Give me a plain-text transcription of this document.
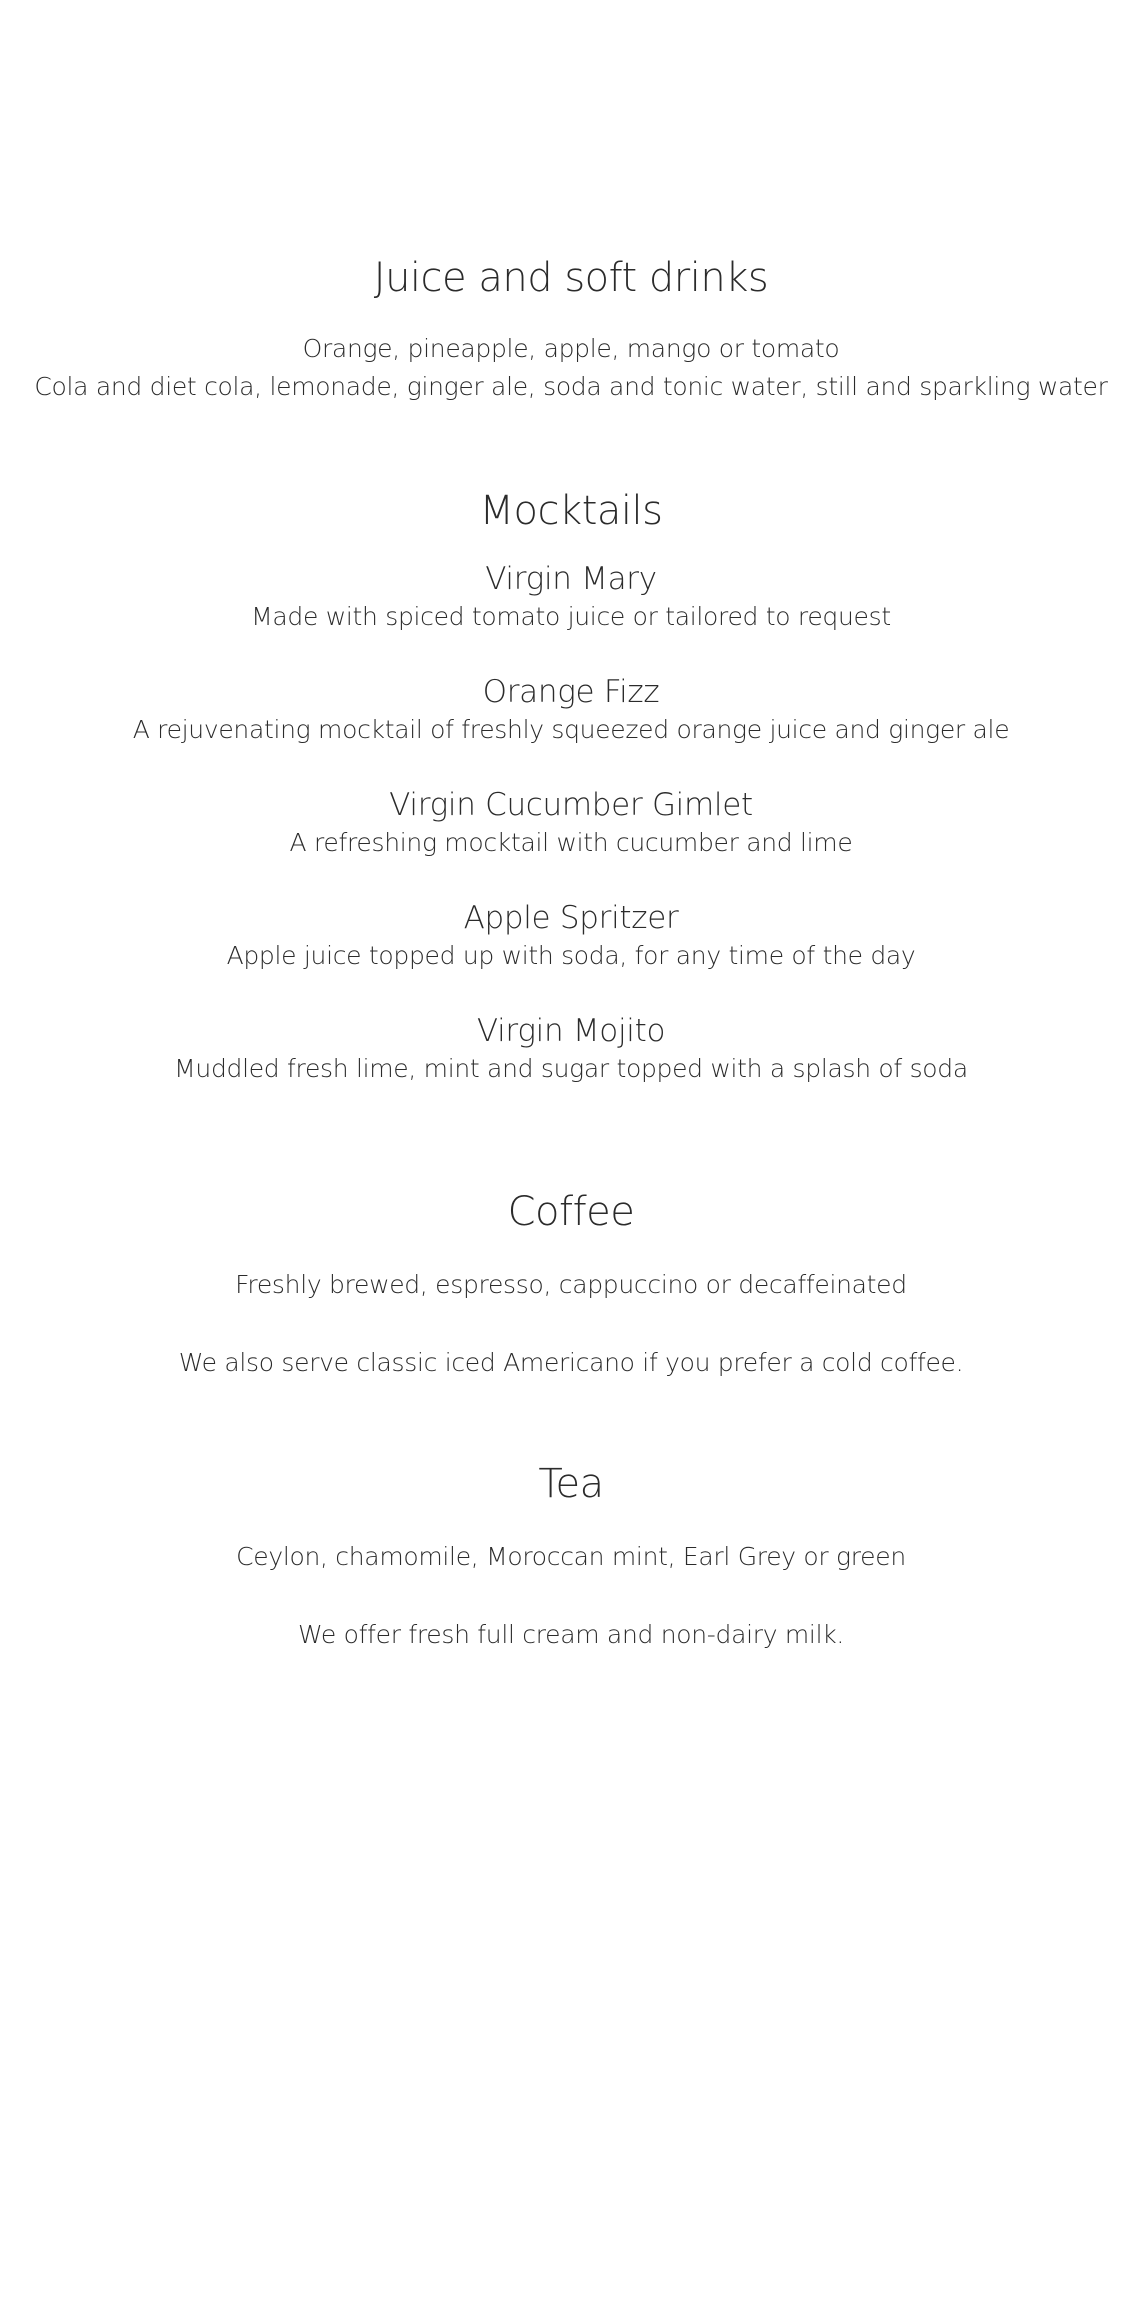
Juice and soft drinks

Orange, pineapple, apple, mango or tomato

Cola and diet cola, lemonade, ginger ale, soda and tonic water, still and sparkling water

Mocktails

Virgin Mary

Made with spiced tomato juice or tailored to request

Orange Fizz

A rejuvenating mocktail of freshly squeezed orange juice and ginger ale

Virgin Cucumber Gimlet

A refreshing mocktail with cucumber and lime

Apple Spritzer

Apple juice topped up with soda, for any time of the day

Virgin Mojito

Muddled fresh lime, mint and sugar topped with a splash of soda

Coffee

Freshly brewed, espresso, cappuccino or decaffeinated

We also serve classic iced Americano if you prefer a cold coffee.

Tea

Ceylon, chamomile, Moroccan mint, Earl Grey or green

We offer fresh full cream and non-dairy milk.
